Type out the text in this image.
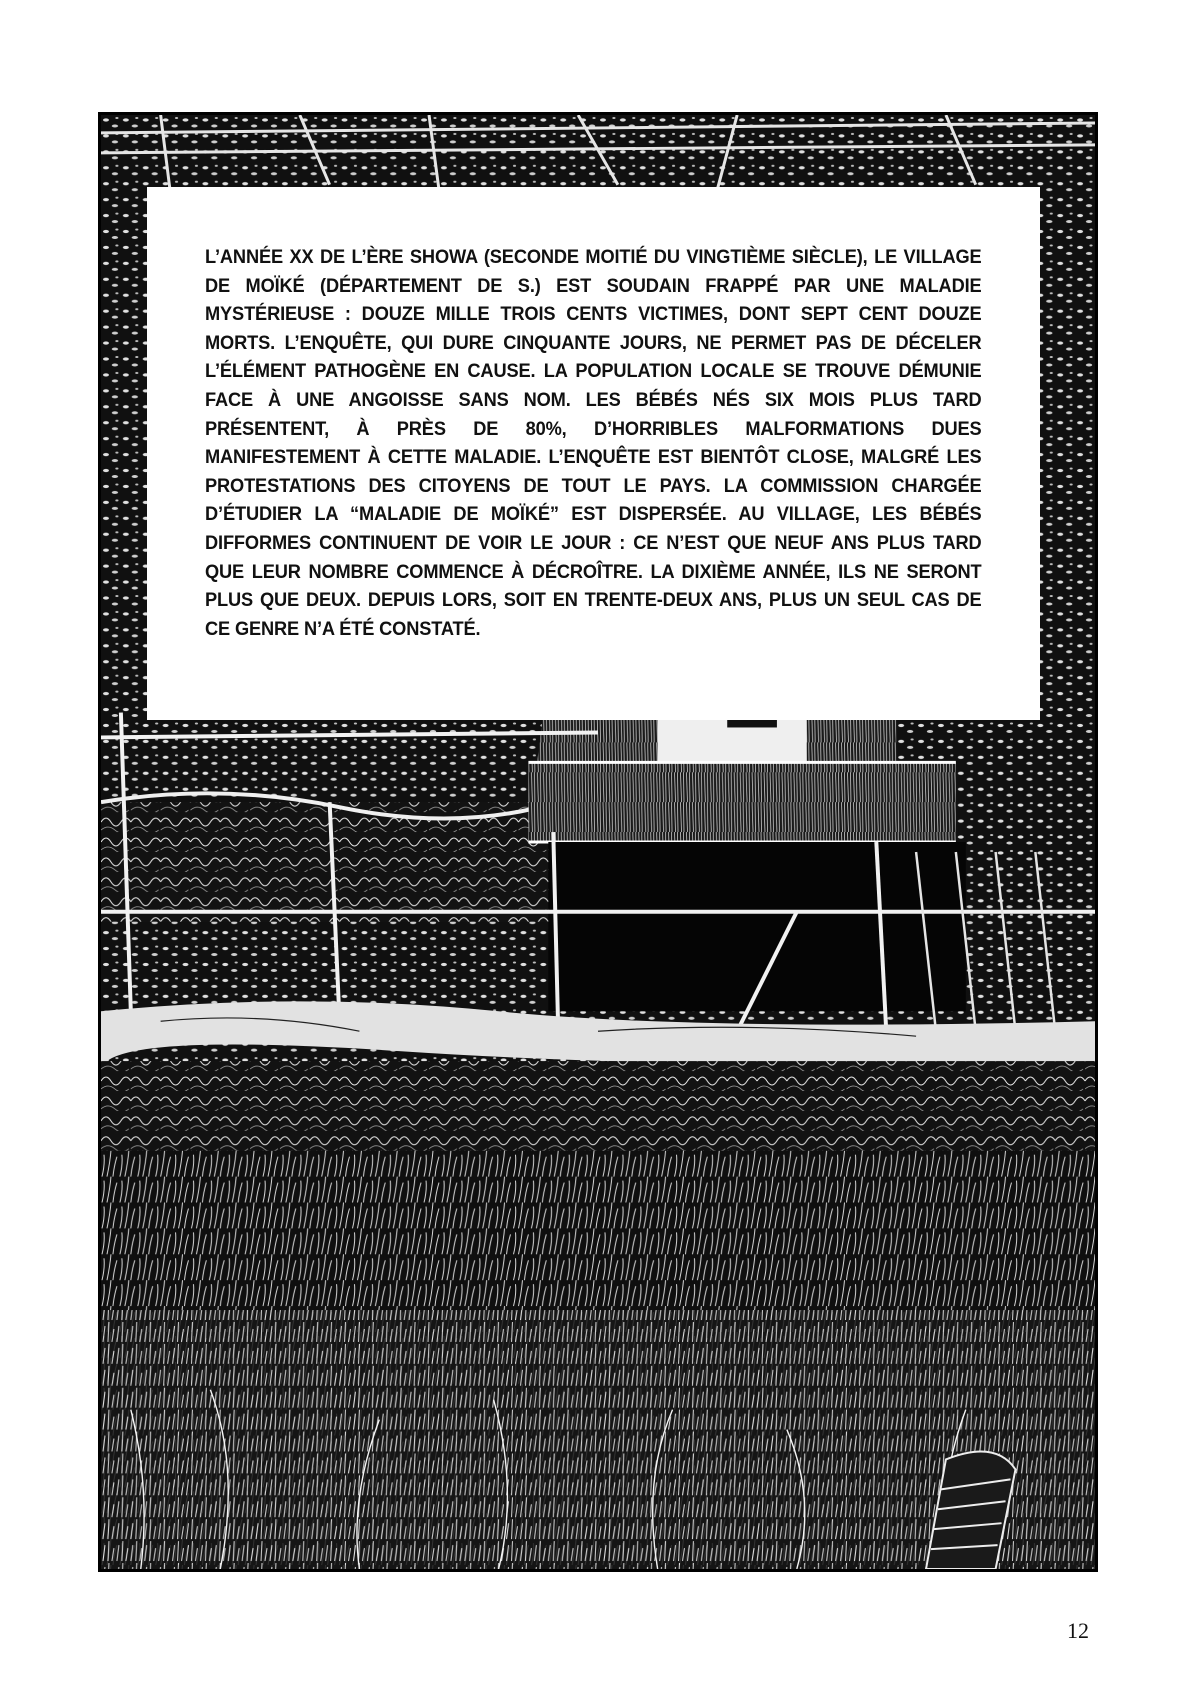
L’ANNÉE XX DE L’ÈRE SHOWA (SECONDE MOITIÉ DU VINGTIÈME SIÈCLE), LE VILLAGE DE MOÏKÉ (DÉPARTEMENT DE S.) EST SOUDAIN FRAPPÉ PAR UNE MALADIE MYSTÉRIEUSE : DOUZE MILLE TROIS CENTS VICTIMES, DONT SEPT CENT DOUZE MORTS. L’ENQUÊTE, QUI DURE CINQUANTE JOURS, NE PERMET PAS DE DÉCELER L’ÉLÉMENT PATHOGÈNE EN CAUSE. LA POPULATION LOCALE SE TROUVE DÉMUNIE FACE À UNE ANGOISSE SANS NOM. LES BÉBÉS NÉS SIX MOIS PLUS TARD PRÉSENTENT, À PRÈS DE 80%, D’HORRIBLES MALFORMATIONS DUES MANIFESTEMENT À CETTE MALADIE. L’ENQUÊTE EST BIENTÔT CLOSE, MALGRÉ LES PROTESTATIONS DES CITOYENS DE TOUT LE PAYS. LA COMMISSION CHARGÉE D’ÉTUDIER LA “MALADIE DE MOÏKÉ” EST DISPERSÉE. AU VILLAGE, LES BÉBÉS DIFFORMES CONTINUENT DE VOIR LE JOUR : CE N’EST QUE NEUF ANS PLUS TARD QUE LEUR NOMBRE COMMENCE À DÉCROÎTRE. LA DIXIÈME ANNÉE, ILS NE SERONT PLUS QUE DEUX. DEPUIS LORS, SOIT EN TRENTE-DEUX ANS, PLUS UN SEUL CAS DE CE GENRE N’A ÉTÉ CONSTATÉ.

12
